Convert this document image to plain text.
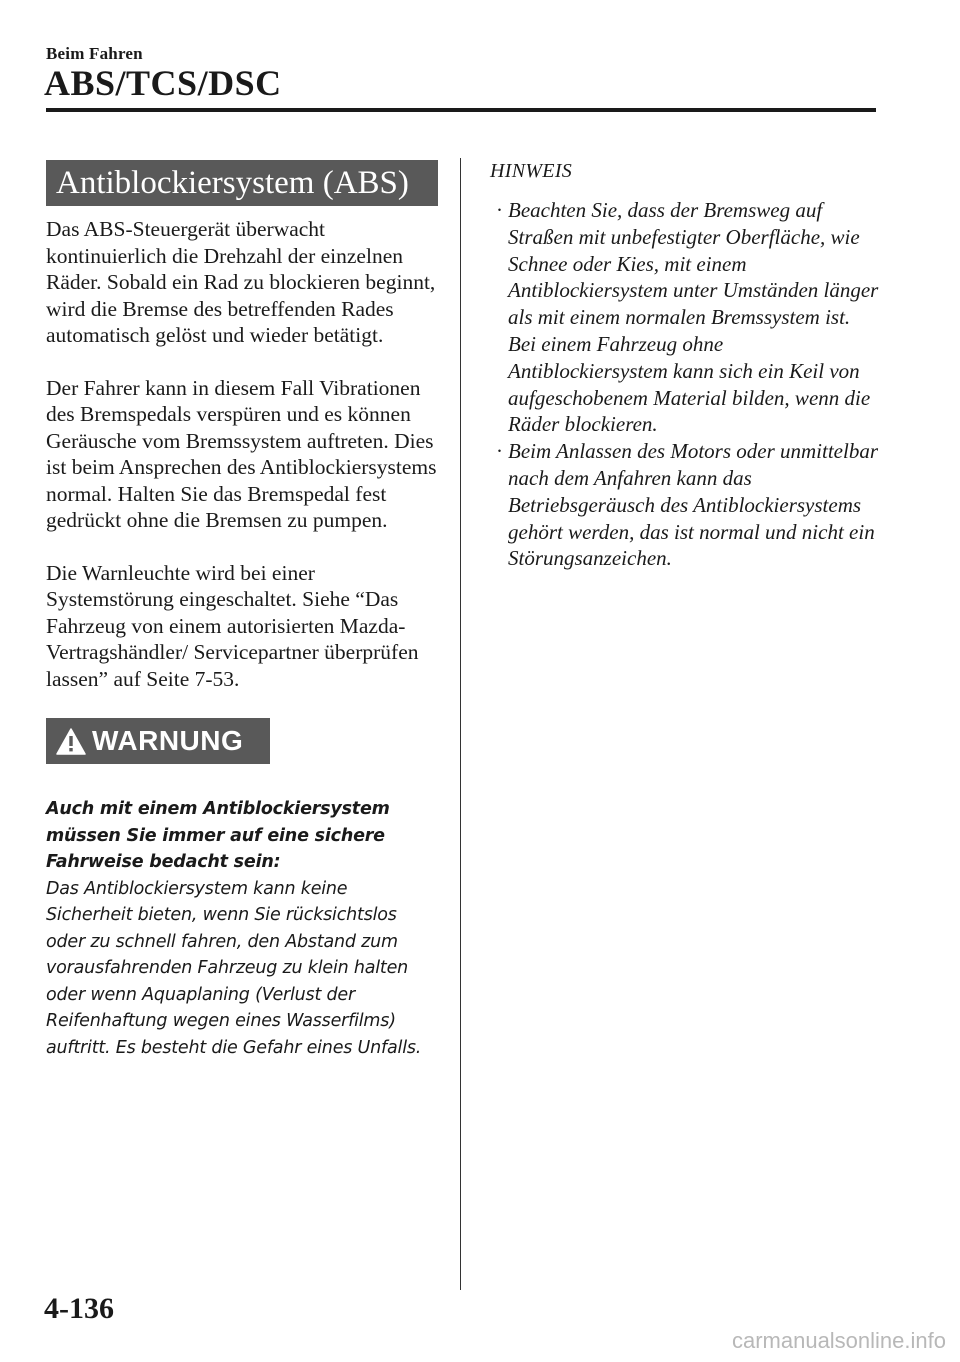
Beim Fahren
ABS/TCS/DSC
Antiblockiersystem (ABS)

Das ABS-Steuergerät überwacht kontinuierlich die Drehzahl der einzelnen Räder. Sobald ein Rad zu blockieren beginnt, wird die Bremse des betreffenden Rades automatisch gelöst und wieder betätigt.

Der Fahrer kann in diesem Fall Vibrationen des Bremspedals verspüren und es können Geräusche vom Bremssystem auftreten. Dies ist beim Ansprechen des Antiblockiersystems normal. Halten Sie das Bremspedal fest gedrückt ohne die Bremsen zu pumpen.

Die Warnleuchte wird bei einer Systemstörung eingeschaltet. Siehe “Das Fahrzeug von einem autorisierten Mazda-Vertragshändler/ Servicepartner überprüfen lassen” auf Seite 7-53.

WARNUNG
Auch mit einem Antiblockiersystem müssen Sie immer auf eine sichere Fahrweise bedacht sein:
Das Antiblockiersystem kann keine Sicherheit bieten, wenn Sie rücksichtslos oder zu schnell fahren, den Abstand zum vorausfahrenden Fahrzeug zu klein halten oder wenn Aquaplaning (Verlust der Reifenhaftung wegen eines Wasserfilms) auftritt. Es besteht die Gefahr eines Unfalls.
HINWEIS
· Beachten Sie, dass der Bremsweg auf Straßen mit unbefestigter Oberfläche, wie Schnee oder Kies, mit einem Antiblockiersystem unter Umständen länger als mit einem normalen Bremssystem ist. Bei einem Fahrzeug ohne Antiblockiersystem kann sich ein Keil von aufgeschobenem Material bilden, wenn die Räder blockieren.
· Beim Anlassen des Motors oder unmittelbar nach dem Anfahren kann das Betriebsgeräusch des Antiblockiersystems gehört werden, das ist normal und nicht ein Störungsanzeichen.
4-136
carmanualsonline.info
